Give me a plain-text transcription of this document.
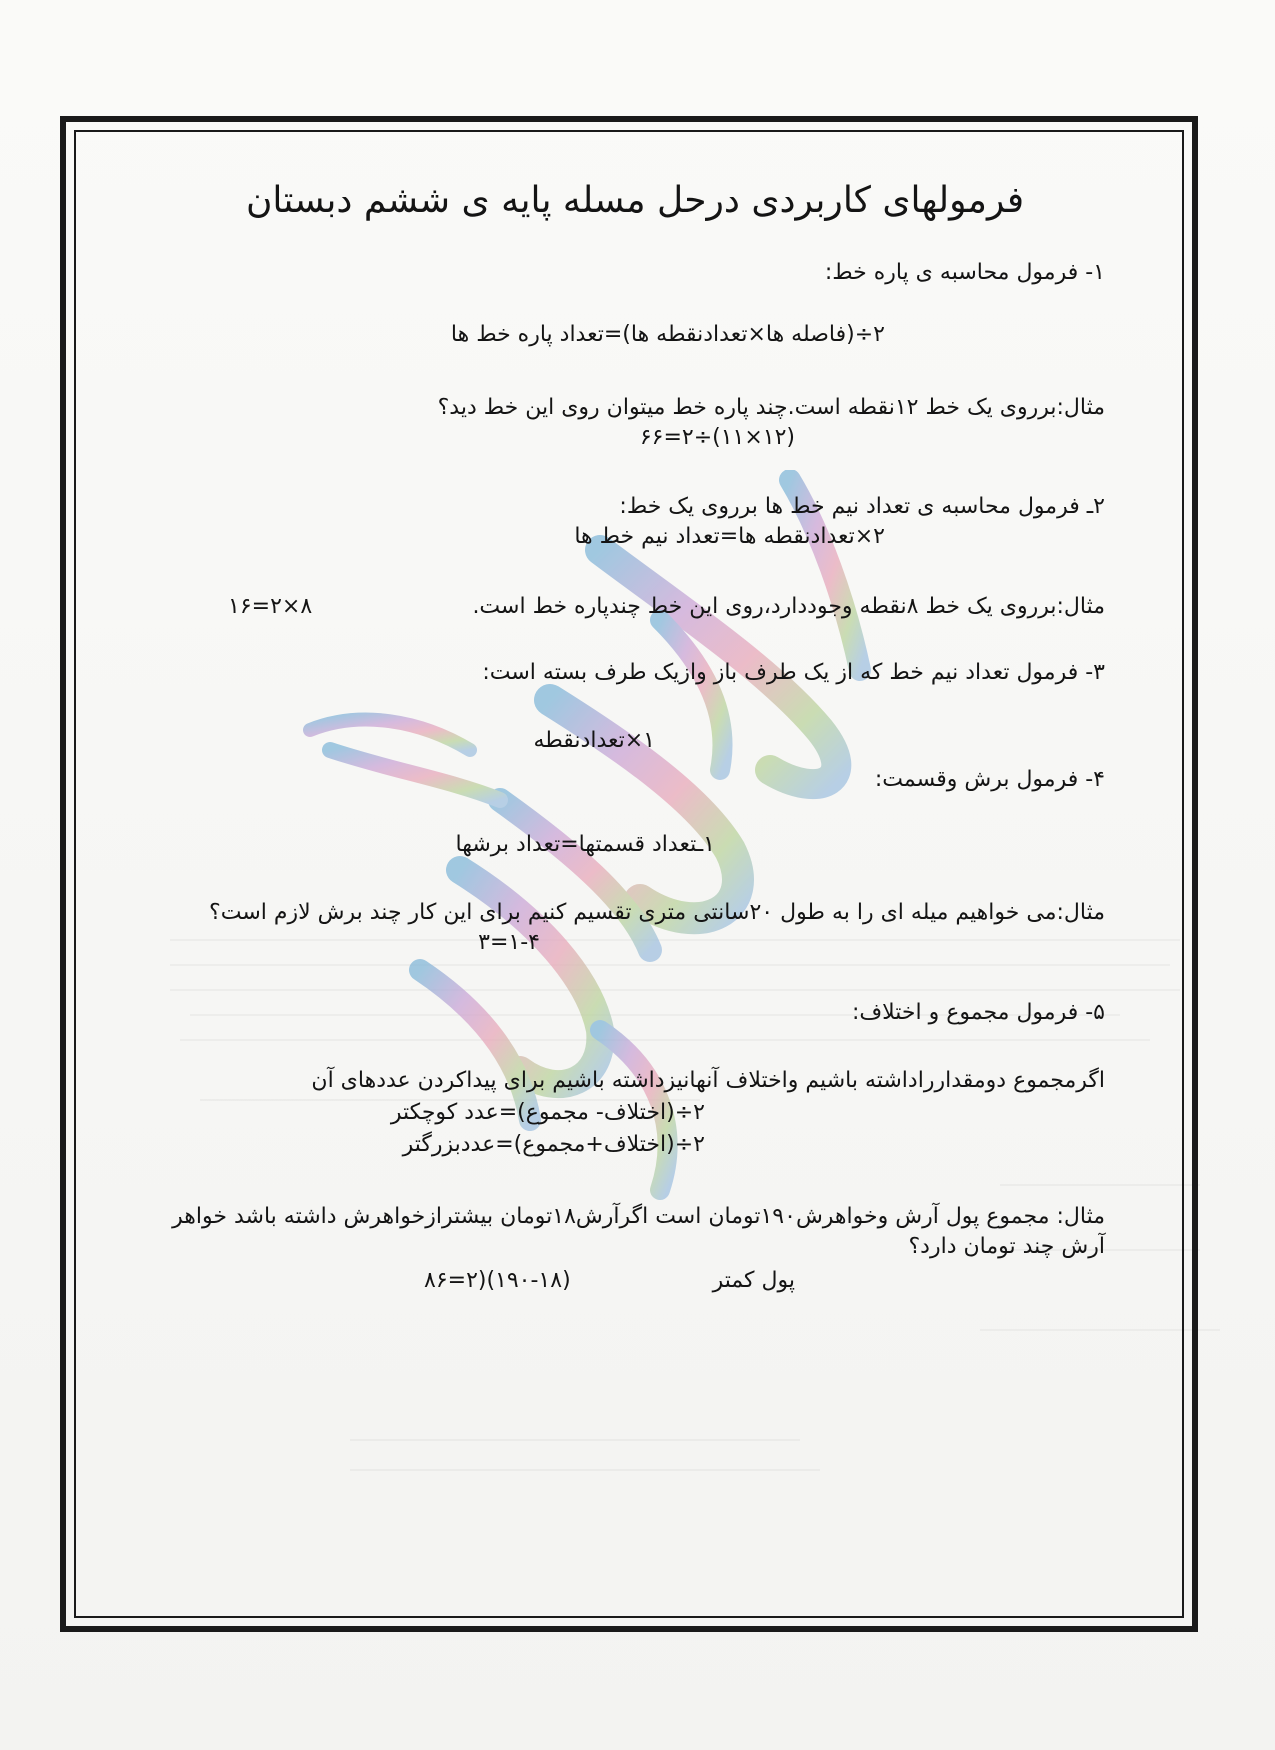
فرمولهای کاربردی درحل مسله پایه ی ششم دبستان
۱- فرمول محاسبه ی پاره خط:
۲÷(فاصله ها×تعدادنقطه ها)=تعداد پاره خط ها
مثال:برروی یک خط ۱۲نقطه است.چند پاره خط میتوان روی این خط دید؟
۶۶=۲÷(۱۱×۱۲)
۲ـ فرمول محاسبه ی تعداد نیم خط ها برروی یک خط:
۲×تعدادنقطه ها=تعداد نیم خط ها
مثال:برروی یک خط ۸نقطه وجوددارد،روی این خط چندپاره خط است.
۱۶=۲×۸
۳- فرمول تعداد نیم خط که از یک طرف باز وازیک طرف بسته است:
۱×تعدادنقطه
۴- فرمول برش وقسمت:
۱ـتعداد قسمتها=تعداد برشها
مثال:می خواهیم میله ای را به طول ۲۰سانتی متری تقسیم کنیم برای این کار چند برش لازم است؟
۳=۱-۴
۵- فرمول مجموع و اختلاف:
اگرمجموع دومقدارراداشته باشیم واختلاف آنهانیزداشته باشیم برای پیداکردن عددهای آن
۲÷(اختلاف- مجموع)=عدد کوچکتر
۲÷(اختلاف+مجموع)=عددبزرگتر
مثال: مجموع پول آرش وخواهرش۱۹۰تومان است اگرآرش۱۸تومان بیشترازخواهرش داشته باشد خواهر آرش چند تومان دارد؟
پول کمتر
۸۶=۲)(۱۹۰-۱۸)
